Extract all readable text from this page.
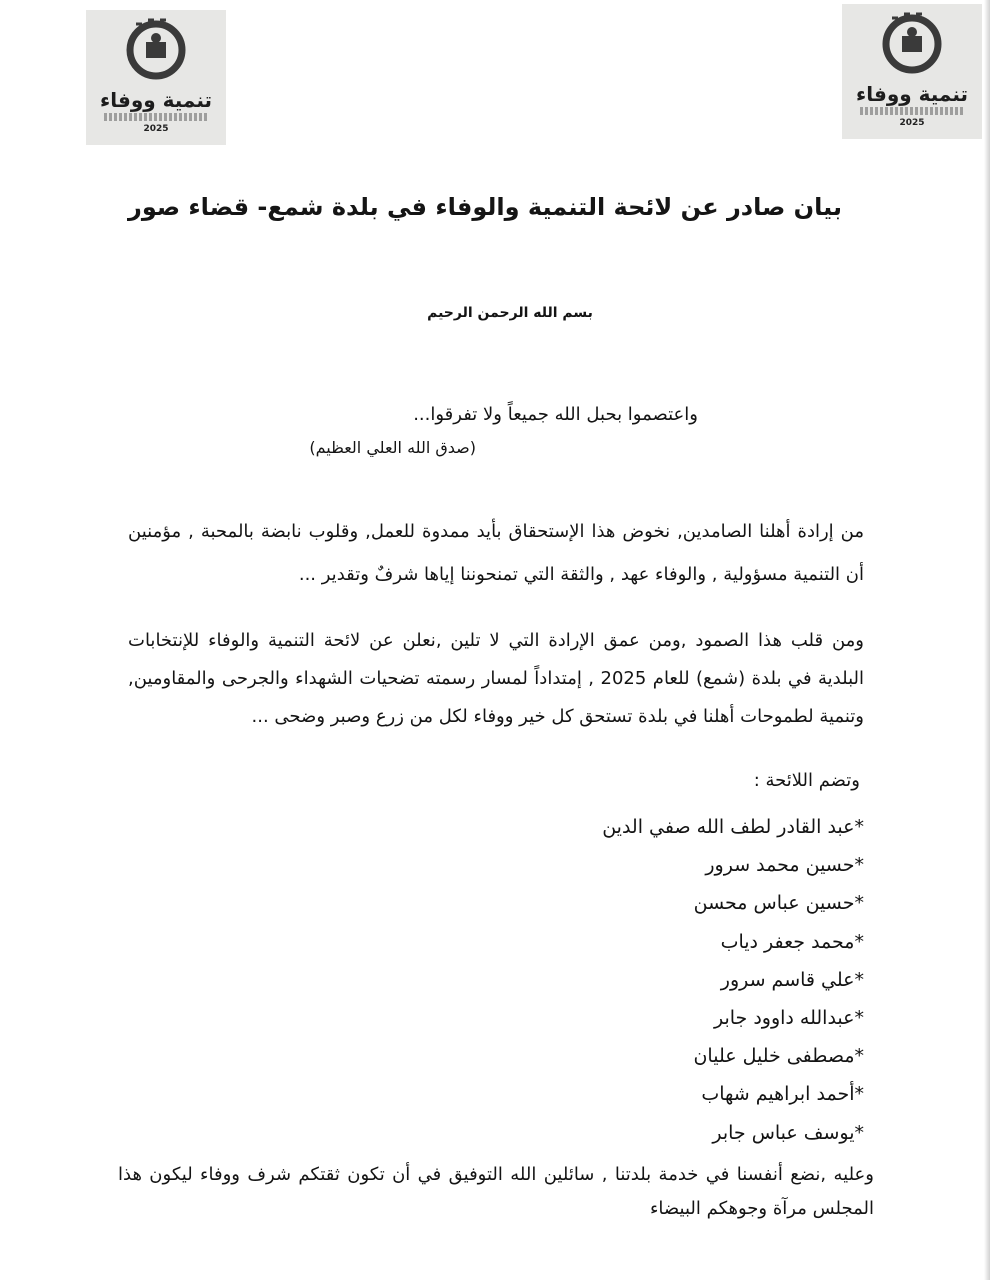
تنمية ووفاء
2025
تنمية ووفاء
2025
بيان صادر عن لائحة التنمية والوفاء في بلدة شمع- قضاء صور
بسم الله الرحمن الرحيم
واعتصموا بحبل الله جميعاً ولا تفرقوا...
(صدق الله العلي العظيم)
من إرادة أهلنا الصامدين, نخوض هذا الإستحقاق بأيد ممدوة للعمل, وقلوب نابضة بالمحبة , مؤمنين أن التنمية مسؤولية , والوفاء عهد , والثقة التي تمنحوننا إياها شرفٌ وتقدير ...
ومن قلب هذا الصمود ,ومن عمق الإرادة التي لا تلين ,نعلن عن لائحة التنمية والوفاء للإنتخابات البلدية في بلدة (شمع) للعام 2025 , إمتداداً لمسار رسمته تضحيات الشهداء والجرحى والمقاومين, وتنمية لطموحات أهلنا في بلدة تستحق كل خير ووفاء لكل من زرع وصبر وضحى ...
وتضم اللائحة :
*عبد القادر لطف الله صفي الدين
*حسين محمد سرور
*حسين عباس محسن
*محمد جعفر دياب
*علي قاسم سرور
*عبدالله داوود جابر
*مصطفى خليل عليان
*أحمد ابراهيم شهاب
*يوسف عباس جابر
وعليه ,نضع أنفسنا في خدمة بلدتنا , سائلين الله التوفيق في أن تكون ثقتكم شرف ووفاء ليكون هذا المجلس مرآة وجوهكم البيضاء
